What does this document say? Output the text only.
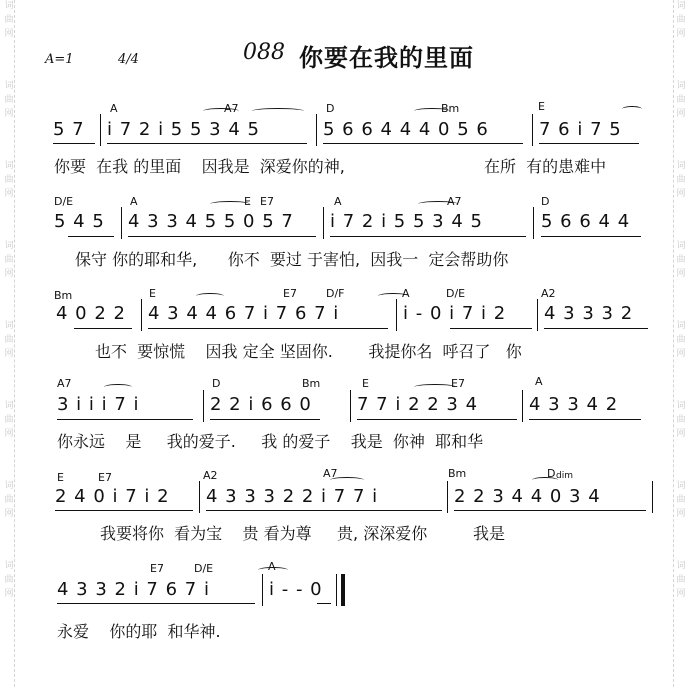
词
曲
网
词
曲
网
词
曲
网
词
曲
网
词
曲
网
词
曲
网
词
曲
网
词
曲
网
词
曲
网
词
曲
网
词
曲
网
词
曲
网
词
曲
网
词
曲
网
词
曲
网
词
曲
网
A=1	4/4	088 你要在我的里面
A	A7	D	Bm	E
5 7 i 7 2 i 5 5 3 4 5	5 6 6 4 4 4 0 5 6	7 6 i 7 5
你要  在我 的里面    因我是  深爱你的神,	在所  有的患难中
D/E	A	E E7	A	A7	D
5 4 5 4 3 3 4 5 5 0 5 7 i 7 2 i 5 5 3 4 5	5 6 6 4 4
保守 你的耶和华,      你不  要过 于害怕,  因我一  定会帮助你
Bm	E	E7	D/F	A	D/E	A2
4 0 2 2 4 3 4 4 6 7 i 7 6 7 i	i - 0 i 7 i 2 4 3 3 3 2
也不  要惊慌    因我 定全 坚固你.       我提你名  呼召了   你
A7	D	Bm	E	E7	A
3 i i i 7 i	2 2 i 6 6 0	7 7 i 2 2 3 4	4 3 3 4 2
你永远    是     我的爱子.     我 的爱子    我是  你神  耶和华
E	E7	A2	A7	Bm	D dim
2 4 0 i 7 i 2 4 3 3 3 2 2 i 7 7 i	2 2 3 4 4 0 3 4
我要将你  看为宝    贵 看为尊     贵, 深深爱你         我是
E7	D/E	A
4 3 3 2 i 7 6 7 i	i - - 0
永爱    你的耶  和华神.
